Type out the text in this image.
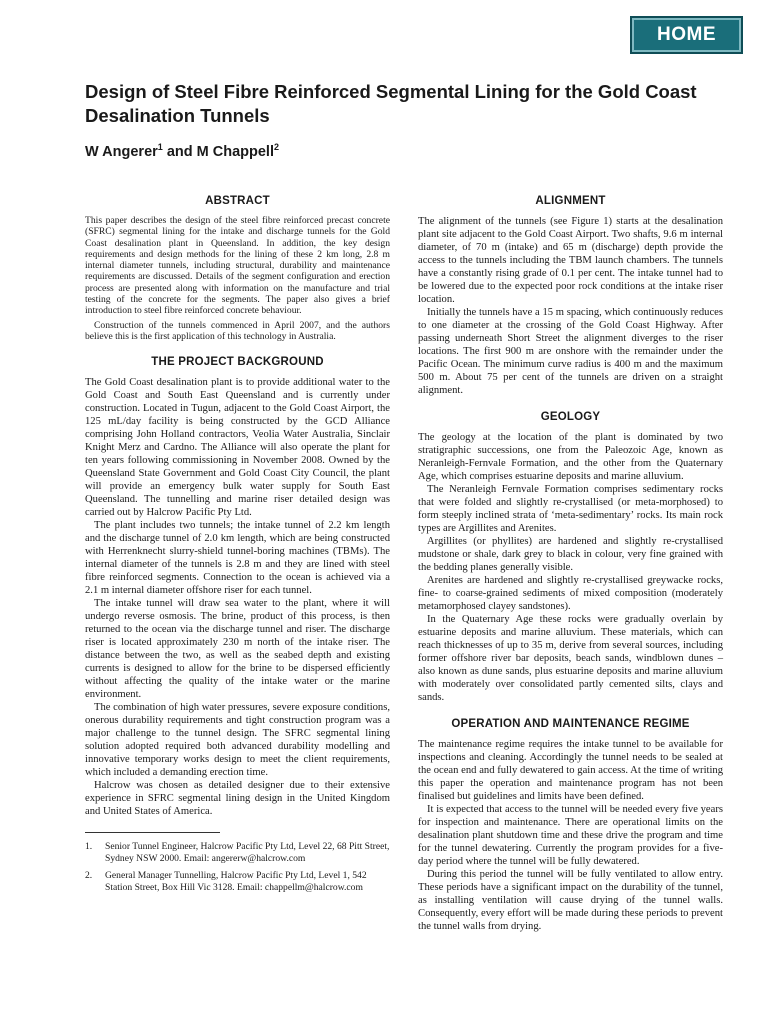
HOME
Design of Steel Fibre Reinforced Segmental Lining for the Gold Coast Desalination Tunnels

W Angerer$^1$ and M Chappell$^2$

ABSTRACT

This paper describes the design of the steel fibre reinforced precast concrete (SFRC) segmental lining for the intake and discharge tunnels for the Gold Coast desalination plant in Queensland. In addition, the key design requirements and design methods for the lining of these 2 km long, 2.8 m internal diameter tunnels, including structural, durability and maintenance requirements are discussed. Details of the segment configuration and erection process are presented along with information on the manufacture and trial testing of the concrete for the segments. The paper also gives a brief introduction to steel fibre reinforced concrete behaviour.

Construction of the tunnels commenced in April 2007, and the authors believe this is the first application of this technology in Australia.

THE PROJECT BACKGROUND

The Gold Coast desalination plant is to provide additional water to the Gold Coast and South East Queensland and is currently under construction. Located in Tugun, adjacent to the Gold Coast Airport, the 125 mL/day facility is being constructed by the GCD Alliance comprising John Holland contractors, Veolia Water Australia, Sinclair Knight Merz and Cardno. The Alliance will also operate the plant for ten years following commissioning in November 2008. Owned by the Queensland State Government and Gold Coast City Council, the plant will provide an emergency bulk water supply for South East Queensland. The tunnelling and marine riser detailed design was carried out by Halcrow Pacific Pty Ltd.

The plant includes two tunnels; the intake tunnel of 2.2 km length and the discharge tunnel of 2.0 km length, which are being constructed with Herrenknecht slurry-shield tunnel-boring machines (TBMs). The internal diameter of the tunnels is 2.8 m and they are lined with steel fibre reinforced segments. Connection to the ocean is achieved via a 2.1 m internal diameter offshore riser for each tunnel.

The intake tunnel will draw sea water to the plant, where it will undergo reverse osmosis. The brine, product of this process, is then returned to the ocean via the discharge tunnel and riser. The discharge riser is located approximately 230 m north of the intake riser. The distance between the two, as well as the seabed depth and existing currents is designed to allow for the brine to be dispersed efficiently without affecting the quality of the intake water or the marine environment.

The combination of high water pressures, severe exposure conditions, onerous durability requirements and tight construction program was a major challenge to the tunnel design. The SFRC segmental lining solution adopted required both advanced durability modelling and innovative temporary works design to meet the client requirements, which included a demanding erection time.

Halcrow was chosen as detailed designer due to their extensive experience in SFRC segmental lining design in the United Kingdom and United States of America.

1.	Senior Tunnel Engineer, Halcrow Pacific Pty Ltd, Level 22, 68 Pitt Street, Sydney NSW 2000. Email: angererw@halcrow.com
2.	General Manager Tunnelling, Halcrow Pacific Pty Ltd, Level 1, 542 Station Street, Box Hill Vic 3128. Email: chappellm@halcrow.com
ALIGNMENT

The alignment of the tunnels (see Figure 1) starts at the desalination plant site adjacent to the Gold Coast Airport. Two shafts, 9.6 m internal diameter, of 70 m (intake) and 65 m (discharge) depth provide the access to the tunnels including the TBM launch chambers. The tunnels have a constantly rising grade of 0.1 per cent. The intake tunnel had to be lowered due to the expected poor rock conditions at the intake riser location.

Initially the tunnels have a 15 m spacing, which continuously reduces to one diameter at the crossing of the Gold Coast Highway. After passing underneath Short Street the alignment diverges to the riser locations. The first 900 m are onshore with the remainder under the Pacific Ocean. The minimum curve radius is 400 m and the maximum 500 m. About 75 per cent of the tunnels are driven on a straight alignment.

GEOLOGY

The geology at the location of the plant is dominated by two stratigraphic successions, one from the Paleozoic Age, known as Neranleigh-Fernvale Formation, and the other from the Quaternary Age, which comprises estuarine deposits and marine alluvium.

The Neranleigh Fernvale Formation comprises sedimentary rocks that were folded and slightly re-crystallised (or meta-morphosed) to form steeply inclined strata of ‘meta-sedimentary’ rocks. Its main rock types are Argillites and Arenites.

Argillites (or phyllites) are hardened and slightly re-crystallised mudstone or shale, dark grey to black in colour, very fine grained with the bedding planes generally visible.

Arenites are hardened and slightly re-crystallised greywacke rocks, fine- to coarse-grained sediments of mixed composition (moderately metamorphosed clayey sandstones).

In the Quaternary Age these rocks were gradually overlain by estuarine deposits and marine alluvium. These materials, which can reach thicknesses of up to 35 m, derive from several sources, including former offshore river bar deposits, beach sands, windblown dunes – also known as dune sands, plus estuarine deposits and marine alluvium with moderately over consolidated partly cemented silts, clays and sands.

OPERATION AND MAINTENANCE REGIME

The maintenance regime requires the intake tunnel to be available for inspections and cleaning. Accordingly the tunnel needs to be sealed at the ocean end and fully dewatered to gain access. At the time of writing this paper the operation and maintenance program has not been finalised but guidelines and limits have been defined.

It is expected that access to the tunnel will be needed every five years for inspection and maintenance. There are operational limits on the desalination plant shutdown time and these drive the program and time for the tunnel dewatering. Currently the program provides for a five-day period where the tunnel will be fully dewatered.

During this period the tunnel will be fully ventilated to allow entry. These periods have a significant impact on the durability of the tunnel, as installing ventilation will cause drying of the tunnel walls. Consequently, every effort will be made during these periods to prevent the tunnel walls from drying.
